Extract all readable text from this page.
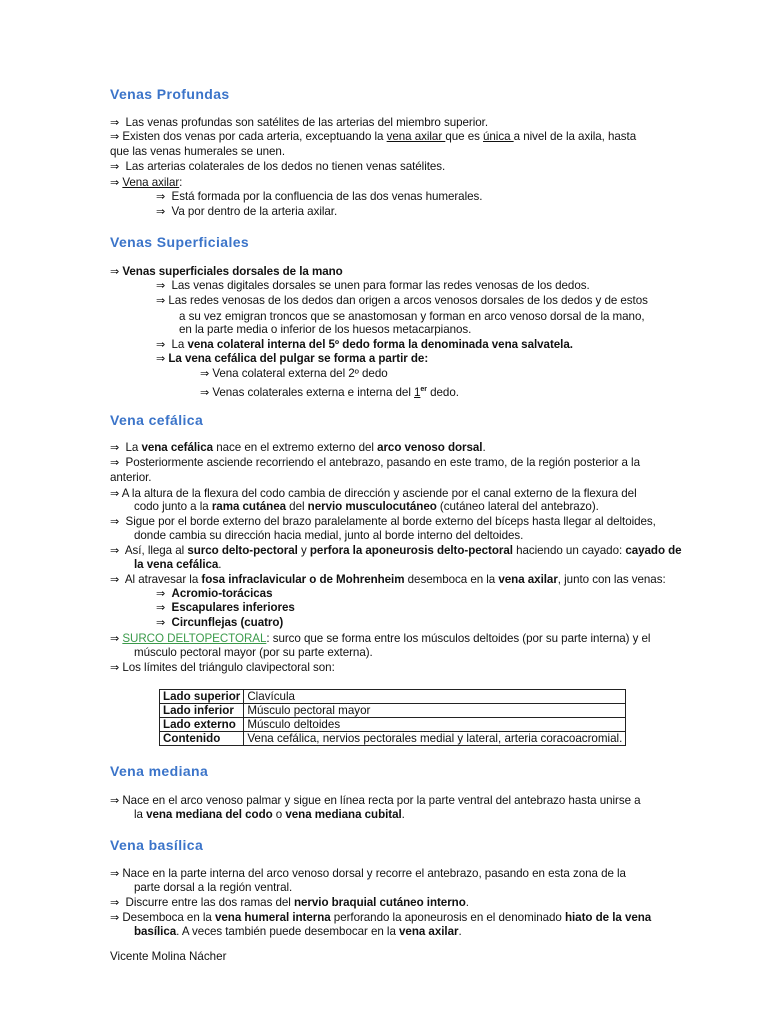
Venas Profundas

⇒ Las venas profundas son satélites de las arterias del miembro superior.

⇒ Existen dos venas por cada arteria, exceptuando la vena axilar que es única a nivel de la axila, hasta

que las venas humerales se unen.

⇒ Las arterias colaterales de los dedos no tienen venas satélites.

⇒ Vena axilar:

⇒ Está formada por la confluencia de las dos venas humerales.

⇒ Va por dentro de la arteria axilar.

Venas Superficiales

⇒ Venas superficiales dorsales de la mano

⇒ Las venas digitales dorsales se unen para formar las redes venosas de los dedos.

⇒ Las redes venosas de los dedos dan origen a arcos venosos dorsales de los dedos y de estos

a su vez emigran troncos que se anastomosan y forman en arco venoso dorsal de la mano,

en la parte media o inferior de los huesos metacarpianos.

⇒ La vena colateral interna del 5º dedo forma la denominada vena salvatela.

⇒ La vena cefálica del pulgar se forma a partir de:

⇒ Vena colateral externa del 2º dedo

⇒ Venas colaterales externa e interna del 1er dedo.

Vena cefálica

⇒ La vena cefálica nace en el extremo externo del arco venoso dorsal.

⇒ Posteriormente asciende recorriendo el antebrazo, pasando en este tramo, de la región posterior a la

anterior.

⇒ A la altura de la flexura del codo cambia de dirección y asciende por el canal externo de la flexura del

codo junto a la rama cutánea del nervio musculocutáneo (cutáneo lateral del antebrazo).

⇒ Sigue por el borde externo del brazo paralelamente al borde externo del bíceps hasta llegar al deltoides,

donde cambia su dirección hacia medial, junto al borde interno del deltoides.

⇒ Así, llega al surco delto-pectoral y perfora la aponeurosis delto-pectoral haciendo un cayado: cayado de

la vena cefálica.

⇒ Al atravesar la fosa infraclavicular o de Mohrenheim desemboca en la vena axilar, junto con las venas:

⇒ Acromio-torácicas

⇒ Escapulares inferiores

⇒ Circunflejas (cuatro)

⇒ SURCO DELTOPECTORAL: surco que se forma entre los músculos deltoides (por su parte interna) y el

músculo pectoral mayor (por su parte externa).

⇒ Los límites del triángulo clavipectoral son:

Lado superior	Clavícula
Lado inferior	Músculo pectoral mayor
Lado externo	Músculo deltoides
Contenido	Vena cefálica, nervios pectorales medial y lateral, arteria coracoacromial.
Vena mediana

⇒ Nace en el arco venoso palmar y sigue en línea recta por la parte ventral del antebrazo hasta unirse a

la vena mediana del codo o vena mediana cubital.

Vena basílica

⇒ Nace en la parte interna del arco venoso dorsal y recorre el antebrazo, pasando en esta zona de la

parte dorsal a la región ventral.

⇒ Discurre entre las dos ramas del nervio braquial cutáneo interno.

⇒ Desemboca en la vena humeral interna perforando la aponeurosis en el denominado hiato de la vena

basílica. A veces también puede desembocar en la vena axilar.

Vicente Molina Nácher
